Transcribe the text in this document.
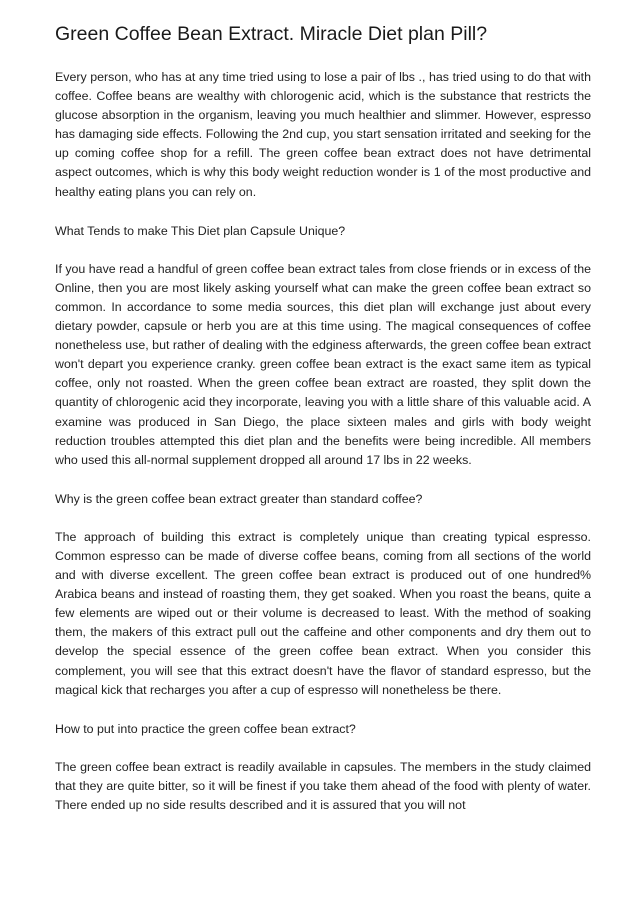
Green Coffee Bean Extract. Miracle Diet plan Pill?

Every person, who has at any time tried using to lose a pair of lbs ., has tried using to do that with coffee. Coffee beans are wealthy with chlorogenic acid, which is the substance that restricts the glucose absorption in the organism, leaving you much healthier and slimmer. However, espresso has damaging side effects. Following the 2nd cup, you start sensation irritated and seeking for the up coming coffee shop for a refill. The green coffee bean extract does not have detrimental aspect outcomes, which is why this body weight reduction wonder is 1 of the most productive and healthy eating plans you can rely on.

What Tends to make This Diet plan Capsule Unique?

If you have read a handful of green coffee bean extract tales from close friends or in excess of the Online, then you are most likely asking yourself what can make the green coffee bean extract so common. In accordance to some media sources, this diet plan will exchange just about every dietary powder, capsule or herb you are at this time using. The magical consequences of coffee nonetheless use, but rather of dealing with the edginess afterwards, the green coffee bean extract won't depart you experience cranky. green coffee bean extract is the exact same item as typical coffee, only not roasted. When the green coffee bean extract are roasted, they split down the quantity of chlorogenic acid they incorporate, leaving you with a little share of this valuable acid. A examine was produced in San Diego, the place sixteen males and girls with body weight reduction troubles attempted this diet plan and the benefits were being incredible. All members who used this all-normal supplement dropped all around 17 lbs in 22 weeks.

Why is the green coffee bean extract greater than standard coffee?

The approach of building this extract is completely unique than creating typical espresso. Common espresso can be made of diverse coffee beans, coming from all sections of the world and with diverse excellent. The green coffee bean extract is produced out of one hundred% Arabica beans and instead of roasting them, they get soaked. When you roast the beans, quite a few elements are wiped out or their volume is decreased to least. With the method of soaking them, the makers of this extract pull out the caffeine and other components and dry them out to develop the special essence of the green coffee bean extract. When you consider this complement, you will see that this extract doesn't have the flavor of standard espresso, but the magical kick that recharges you after a cup of espresso will nonetheless be there.

How to put into practice the green coffee bean extract?

The green coffee bean extract is readily available in capsules. The members in the study claimed that they are quite bitter, so it will be finest if you take them ahead of the food with plenty of water. There ended up no side results described and it is assured that you will not
